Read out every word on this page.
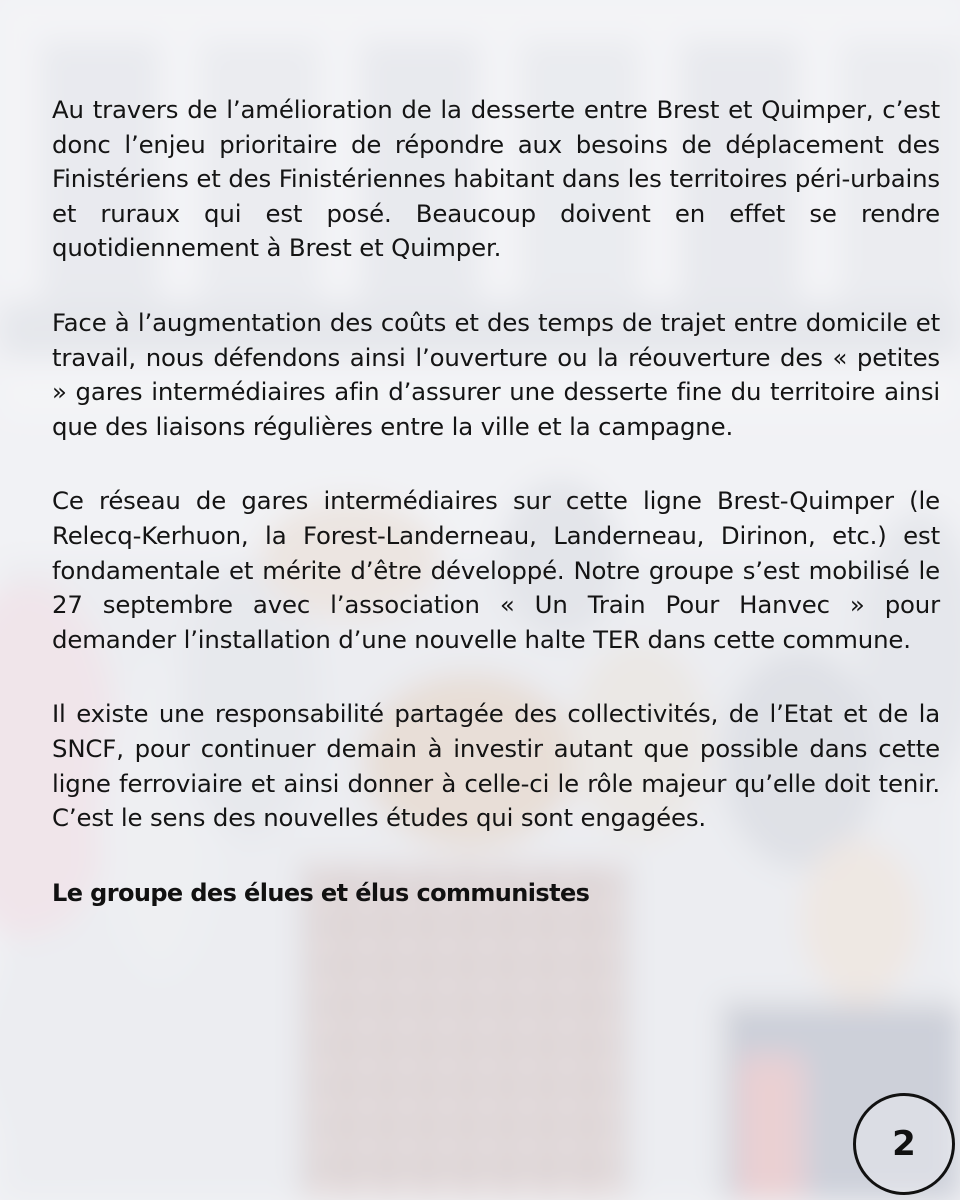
Au travers de l’amélioration de la desserte entre Brest et Quimper, c’est donc l’enjeu prioritaire de répondre aux besoins de déplacement des Finistériens et des Finistériennes habitant dans les territoires péri-urbains et ruraux qui est posé. Beaucoup doivent en effet se rendre quotidiennement à Brest et Quimper.

Face à l’augmentation des coûts et des temps de trajet entre domicile et travail, nous défendons ainsi l’ouverture ou la réouverture des « petites » gares intermédiaires afin d’assurer une desserte fine du territoire ainsi que des liaisons régulières entre la ville et la campagne.

Ce réseau de gares intermédiaires sur cette ligne Brest-Quimper (le Relecq-Kerhuon, la Forest-Landerneau, Landerneau, Dirinon, etc.) est fondamentale et mérite d’être développé. Notre groupe s’est mobilisé le 27 septembre avec l’association « Un Train Pour Hanvec » pour demander l’installation d’une nouvelle halte TER dans cette commune.

Il existe une responsabilité partagée des collectivités, de l’Etat et de la SNCF, pour continuer demain à investir autant que possible dans cette ligne ferroviaire et ainsi donner à celle-ci le rôle majeur qu’elle doit tenir. C’est le sens des nouvelles études qui sont engagées.

Le groupe des élues et élus communistes

2
